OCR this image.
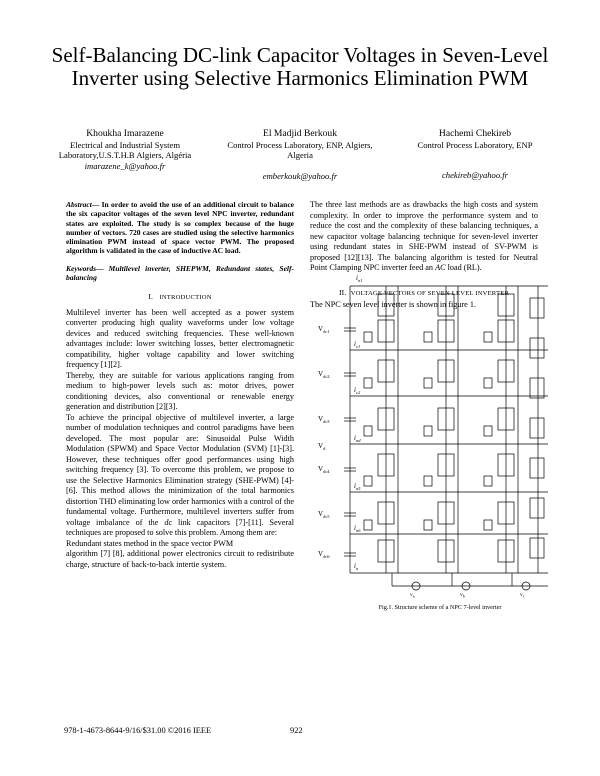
Self-Balancing DC-link Capacitor Voltages in Seven-Level Inverter using Selective Harmonics Elimination PWM
Khoukha Imarazene
Electrical and Industrial System Laboratory,U.S.T.H.B Algiers, Algéria
imarazene_k@yahoo.fr
El Madjid Berkouk
Control Process Laboratory, ENP, Algiers, Algeria
emberkouk@yahoo.fr
Hachemi Chekireb
Control Process Laboratory, ENP
chekireb@yahoo.fr

Abstract— In order to avoid the use of an additional circuit to balance the six capacitor voltages of the seven level NPC inverter, redundant states are exploited. The study is so complex because of the huge number of vectors. 720 cases are studied using the selective harmonics elimination PWM instead of space vector PWM. The proposed algorithm is validated in the case of inductive AC load.

Keywords— Multilevel inverter, SHEPWM, Redundant states, Self-balancing

I. INTRODUCTION

Multilevel inverter has been well accepted as a power system converter producing high quality waveforms under low voltage devices and reduced switching frequencies. These well-known advantages include: lower switching losses, better electromagnetic compatibility, higher voltage capability and lower switching frequency [1][2].

Thereby, they are suitable for various applications ranging from medium to high-power levels such as: motor drives, power conditioning devices, also conventional or renewable energy generation and distribution [2][3].

To achieve the principal objective of multilevel inverter, a large number of modulation techniques and control paradigms have been developed. The most popular are: Sinusoidal Pulse Width Modulation (SPWM) and Space Vector Modulation (SVM) [1]-[3]. However, these techniques offer good performances using high switching frequency [3]. To overcome this problem, we propose to use the Selective Harmonics Elimination strategy (SHE-PWM) [4]-[6]. This method allows the minimization of the total harmonics distortion THD eliminating low order harmonics with a control of the fundamental voltage. Furthermore, multilevel inverters suffer from voltage imbalance of the dc link capacitors [7]-[11]. Several techniques are proposed to solve this problem. Among them are:

Redundant states method in the space vector PWM

algorithm [7] [8], additional power electronics circuit to redistribute charge, structure of back-to-back intertie system.

The three last methods are as drawbacks the high costs and system complexity. In order to improve the performance system and to reduce the cost and the complexity of these balancing techniques, a new capacitor voltage balancing technique for seven-level inverter using redundant states in SHE-PWM instead of SV-PWM is proposed [12][13]. The balancing algorithm is tested for Neutral Point Clamping NPC inverter feed an AC load (RL).

II. VOLTAGE VECTORS OF SEVEN LEVEL INVERTER

The NPC seven level inverter is shown in figure 1.

$i_{n1}$
$V_{dc1}$
$V_{dc2}$
$V_{dc3}$
$V_d$
$V_{dc4}$
$V_{dc5}$
$V_{dc6}$
$i_{c1}$
$i_{c2}$
$i_{nd}$
$i_{n5}$
$i_{n6}$
$i_n$
$v_a$	$v_b$	$v_c$
Fig.1. Structure scheme of a NPC 7-level inverter
978-1-4673-8644-9/16/$31.00 ©2016 IEEE	922
